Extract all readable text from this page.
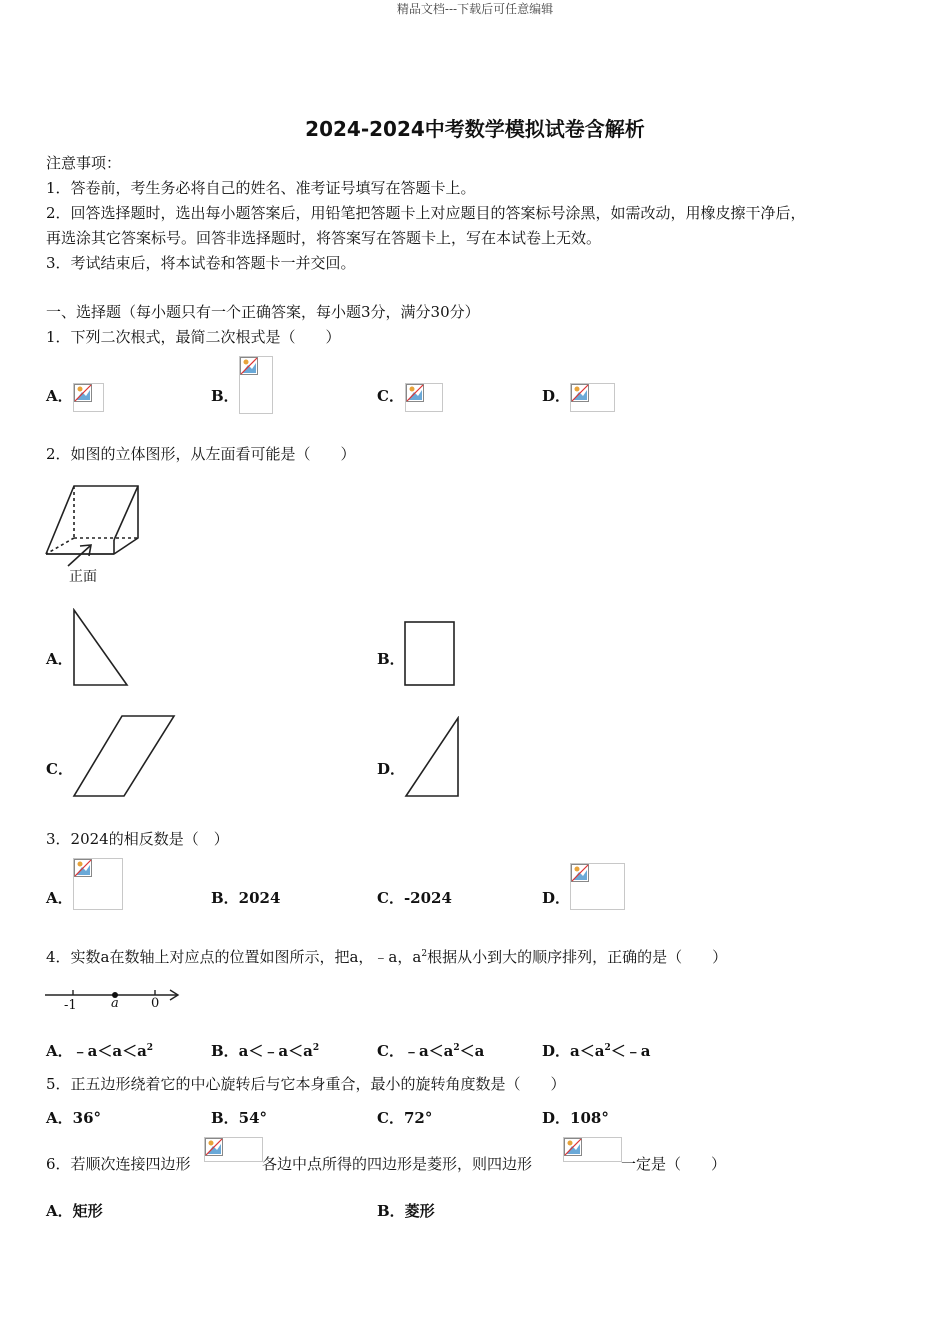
精品文档---下载后可任意编辑
2024-2024中考数学模拟试卷含解析
注意事项：
1．答卷前，考生务必将自己的姓名、准考证号填写在答题卡上。
2．回答选择题时，选出每小题答案后，用铅笔把答题卡上对应题目的答案标号涂黑，如需改动，用橡皮擦干净后，
再选涂其它答案标号。回答非选择题时，将答案写在答题卡上，写在本试卷上无效。
3．考试结束后，将本试卷和答题卡一并交回。
一、选择题（每小题只有一个正确答案，每小题3分，满分30分）
1．下列二次根式，最简二次根式是（　　）
A．	B．	C．	D．
2．如图的立体图形，从左面看可能是（　　）
正面
A．	B．
C．	D．
3．2024的相反数是（　）
A．	B．2024	C．-2024	D．
4．实数a在数轴上对应点的位置如图所示，把a，﹣a，$a^2$根据从小到大的顺序排列，正确的是（　　）
-1	a 0
A．$﹣a<a<a^2$	B．$a<﹣a<a^2$	C．$﹣a<a^2<a$	D．$a<a^2<﹣a$
5．正五边形绕着它的中心旋转后与它本身重合，最小的旋转角度数是（　　）
A．36°	B．54°	C．72°	D．108°
6．若顺次连接四边形	各边中点所得的四边形是菱形，则四边形	一定是（　　）
A．矩形	B．菱形
